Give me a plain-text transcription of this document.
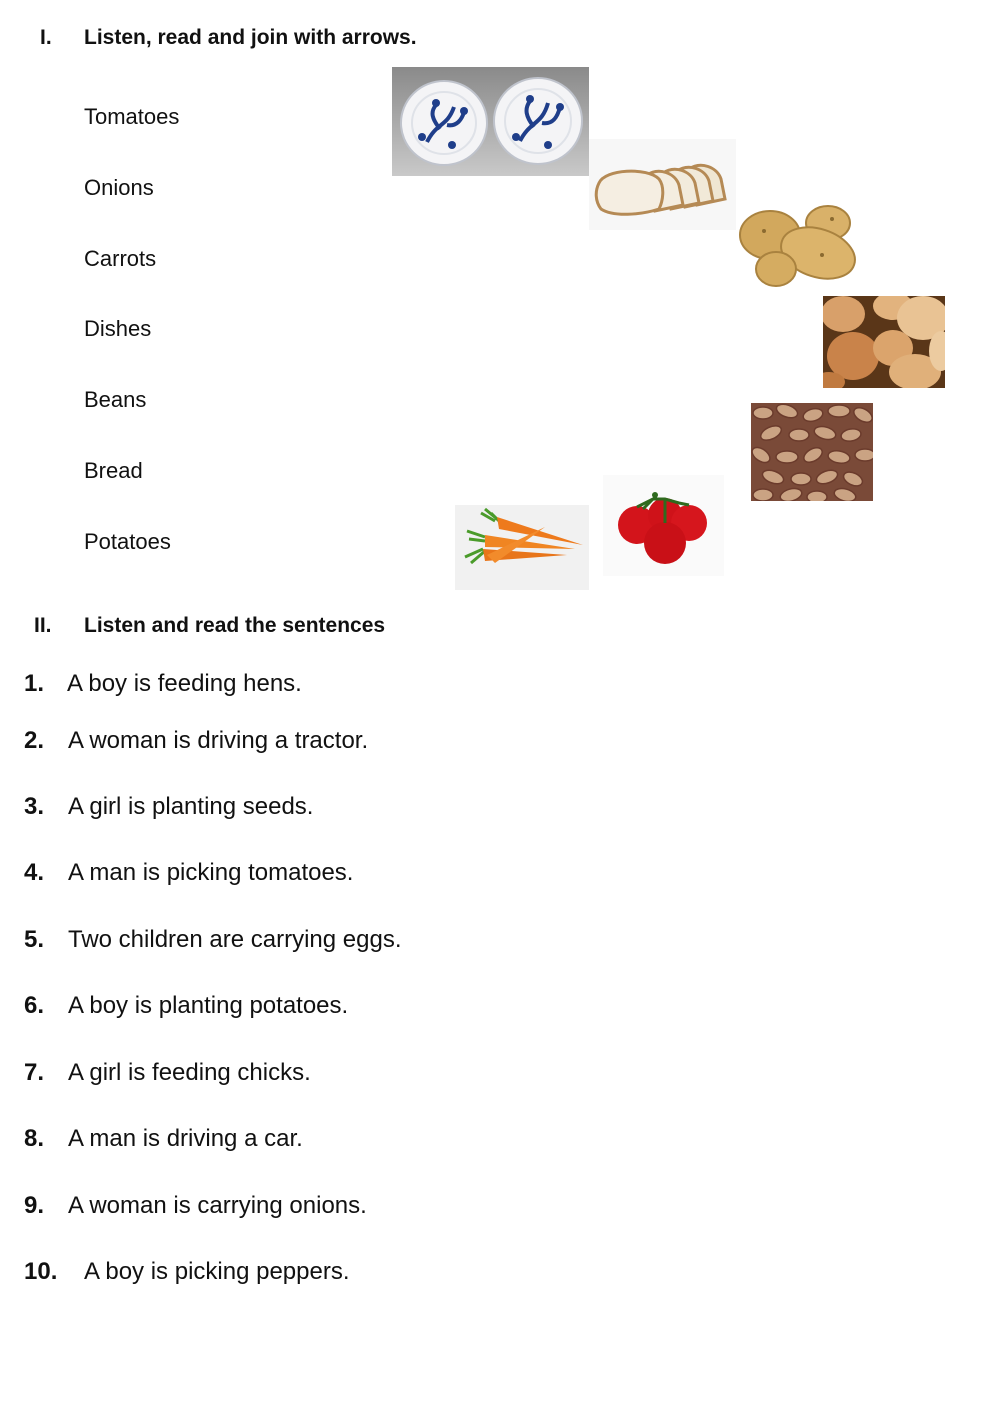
I. Listen, read and join with arrows.
Tomatoes
Onions
Carrots
Dishes
Beans
Bread
Potatoes
II. Listen and read the sentences
1. A boy is feeding hens.
2. A woman is driving a tractor.
3. A girl is planting seeds.
4. A man is picking tomatoes.
5. Two children are carrying eggs.
6. A boy is planting potatoes.
7. A girl is feeding chicks.
8. A man is driving a car.
9. A woman is carrying onions.
10. A boy is picking peppers.
